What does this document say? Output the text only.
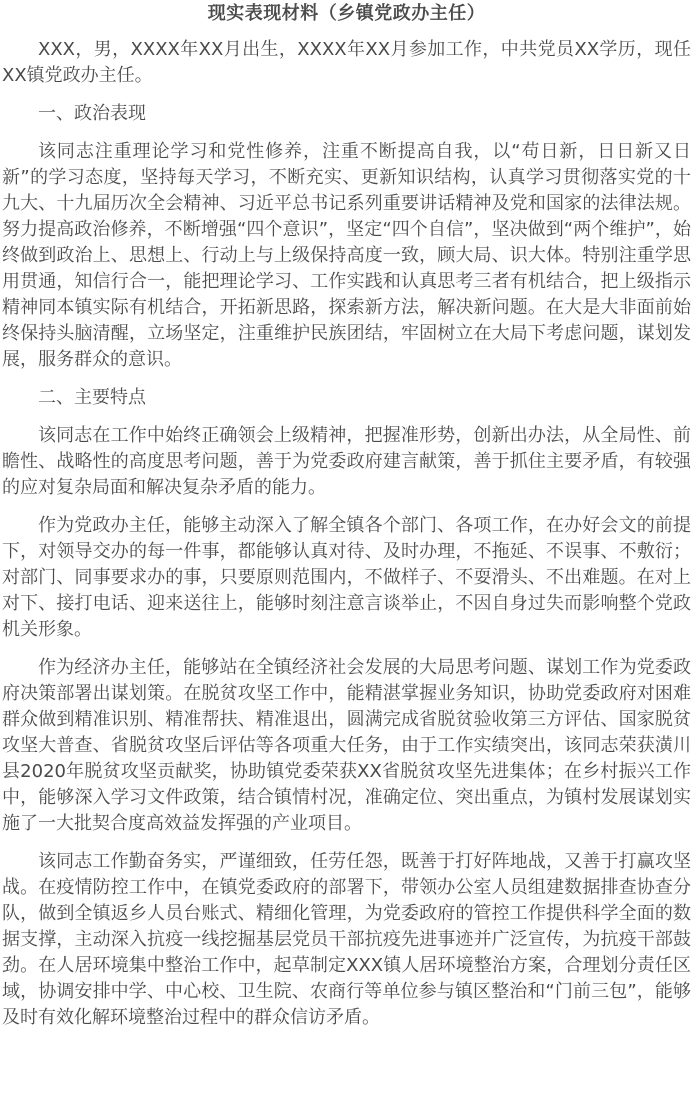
现实表现材料（乡镇党政办主任）

XXX，男，XXXX年XX月出生，XXXX年XX月参加工作，中共党员XX学历，现任XX镇党政办主任。

一、政治表现

该同志注重理论学习和党性修养，注重不断提高自我，以“苟日新，日日新又日新”的学习态度，坚持每天学习，不断充实、更新知识结构，认真学习贯彻落实党的十九大、十九届历次全会精神、习近平总书记系列重要讲话精神及党和国家的法律法规。努力提高政治修养，不断增强“四个意识”，坚定“四个自信”，坚决做到“两个维护”，始终做到政治上、思想上、行动上与上级保持高度一致，顾大局、识大体。特别注重学思用贯通，知信行合一，能把理论学习、工作实践和认真思考三者有机结合，把上级指示精神同本镇实际有机结合，开拓新思路，探索新方法，解决新问题。在大是大非面前始终保持头脑清醒，立场坚定，注重维护民族团结，牢固树立在大局下考虑问题，谋划发展，服务群众的意识。

二、主要特点

该同志在工作中始终正确领会上级精神，把握准形势，创新出办法，从全局性、前瞻性、战略性的高度思考问题，善于为党委政府建言献策，善于抓住主要矛盾，有较强的应对复杂局面和解决复杂矛盾的能力。

作为党政办主任，能够主动深入了解全镇各个部门、各项工作，在办好会文的前提下，对领导交办的每一件事，都能够认真对待、及时办理，不拖延、不误事、不敷衍；对部门、同事要求办的事，只要原则范围内，不做样子、不耍滑头、不出难题。在对上对下、接打电话、迎来送往上，能够时刻注意言谈举止，不因自身过失而影响整个党政机关形象。

作为经济办主任，能够站在全镇经济社会发展的大局思考问题、谋划工作为党委政府决策部署出谋划策。在脱贫攻坚工作中，能精湛掌握业务知识，协助党委政府对困难群众做到精准识别、精准帮扶、精准退出，圆满完成省脱贫验收第三方评估、国家脱贫攻坚大普查、省脱贫攻坚后评估等各项重大任务，由于工作实绩突出，该同志荣获潢川县2020年脱贫攻坚贡献奖，协助镇党委荣获XX省脱贫攻坚先进集体；在乡村振兴工作中，能够深入学习文件政策，结合镇情村况，准确定位、突出重点，为镇村发展谋划实施了一大批契合度高效益发挥强的产业项目。

该同志工作勤奋务实，严谨细致，任劳任怨，既善于打好阵地战，又善于打赢攻坚战。在疫情防控工作中，在镇党委政府的部署下，带领办公室人员组建数据排查协查分队，做到全镇返乡人员台账式、精细化管理，为党委政府的管控工作提供科学全面的数据支撑，主动深入抗疫一线挖掘基层党员干部抗疫先进事迹并广泛宣传，为抗疫干部鼓劲。在人居环境集中整治工作中，起草制定XXX镇人居环境整治方案，合理划分责任区域，协调安排中学、中心校、卫生院、农商行等单位参与镇区整治和“门前三包”，能够及时有效化解环境整治过程中的群众信访矛盾。
